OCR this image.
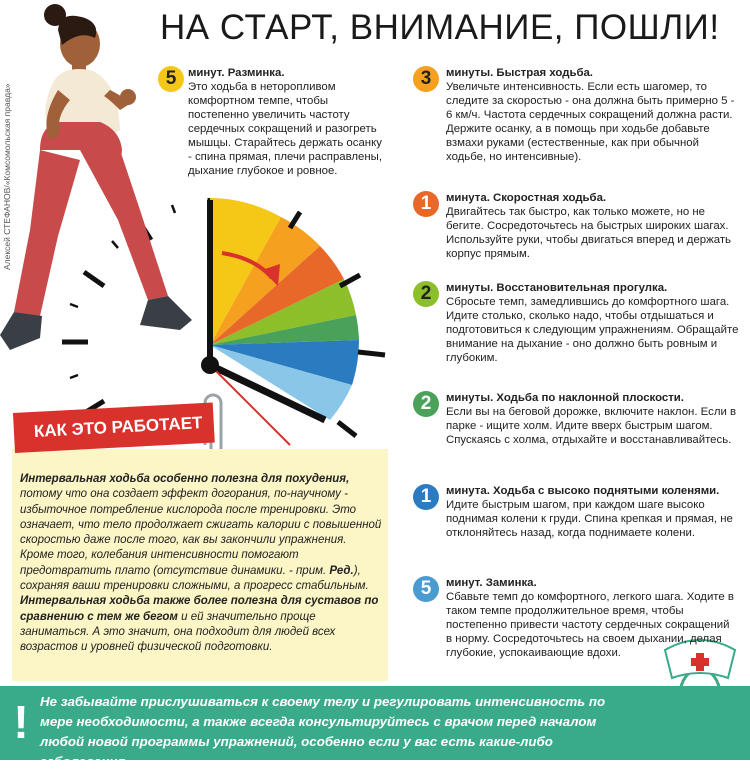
НА СТАРТ, ВНИМАНИЕ, ПОШЛИ!
Алексей СТЕФАНОВ/«Комсомольская правда»
5	минут. Разминка.
Это ходьба в неторопливом комфортном темпе, чтобы постепенно увеличить частоту сердечных сокращений и разогреть мышцы. Старайтесь держать осанку - спина прямая, плечи расправлены, дыхание глубокое и ровное.
3	минуты. Быстрая ходьба.
Увеличьте интенсивность. Если есть шагомер, то следите за скоростью - она должна быть примерно 5 - 6 км/ч. Частота сердечных сокращений должна расти. Держите осанку, а в помощь при ходьбе добавьте взмахи руками (естественные, как при обычной ходьбе, но интенсивные).
1	минута. Скоростная ходьба.
Двигайтесь так быстро, как только можете, но не бегите. Сосредоточьтесь на быстрых широких шагах. Используйте руки, чтобы двигаться вперед и держать корпус прямым.
2	минуты. Восстановительная прогулка.
Сбросьте темп, замедлившись до комфортного шага. Идите столько, сколько надо, чтобы отдышаться и подготовиться к следующим упражнениям. Обращайте внимание на дыхание - оно должно быть ровным и глубоким.
2	минуты. Ходьба по наклонной плоскости.
Если вы на беговой дорожке, включите наклон. Если в парке - ищите холм. Идите вверх быстрым шагом. Спускаясь с холма, отдыхайте и восстанавливайтесь.
1	минута. Ходьба с высоко поднятыми коленями.
Идите быстрым шагом, при каждом шаге высоко поднимая колени к груди. Спина крепкая и прямая, не отклоняйтесь назад, когда поднимаете колени.
5	минут. Заминка.
Сбавьте темп до комфортного, легкого шага. Ходите в таком темпе продолжительное время, чтобы постепенно привести частоту сердечных сокращений в норму. Сосредоточьтесь на своем дыхании, делая глубокие, успокаивающие вдохи.
КАК ЭТО РАБОТАЕТ
Интервальная ходьба особенно полезна для похудения, потому что она создает эффект догорания, по-научному - избыточное потребление кислорода после тренировки. Это означает, что тело продолжает сжигать калории с повышенной скоростью даже после того, как вы закончили упражнения. Кроме того, колебания интенсивности помогают предотвратить плато (отсутствие динамики. - прим. Ред.), сохраняя ваши тренировки сложными, а прогресс стабильным. Интервальная ходьба также более полезна для суставов по сравнению с тем же бегом и ей значительно проще заниматься. А это значит, она подходит для людей всех возрастов и уровней физической подготовки.
! Не забывайте прислушиваться к своему телу и регулировать интенсивность по мере необходимости, а также всегда консультируйтесь с врачом перед началом любой новой программы упражнений, особенно если у вас есть какие-либо заболевания.
